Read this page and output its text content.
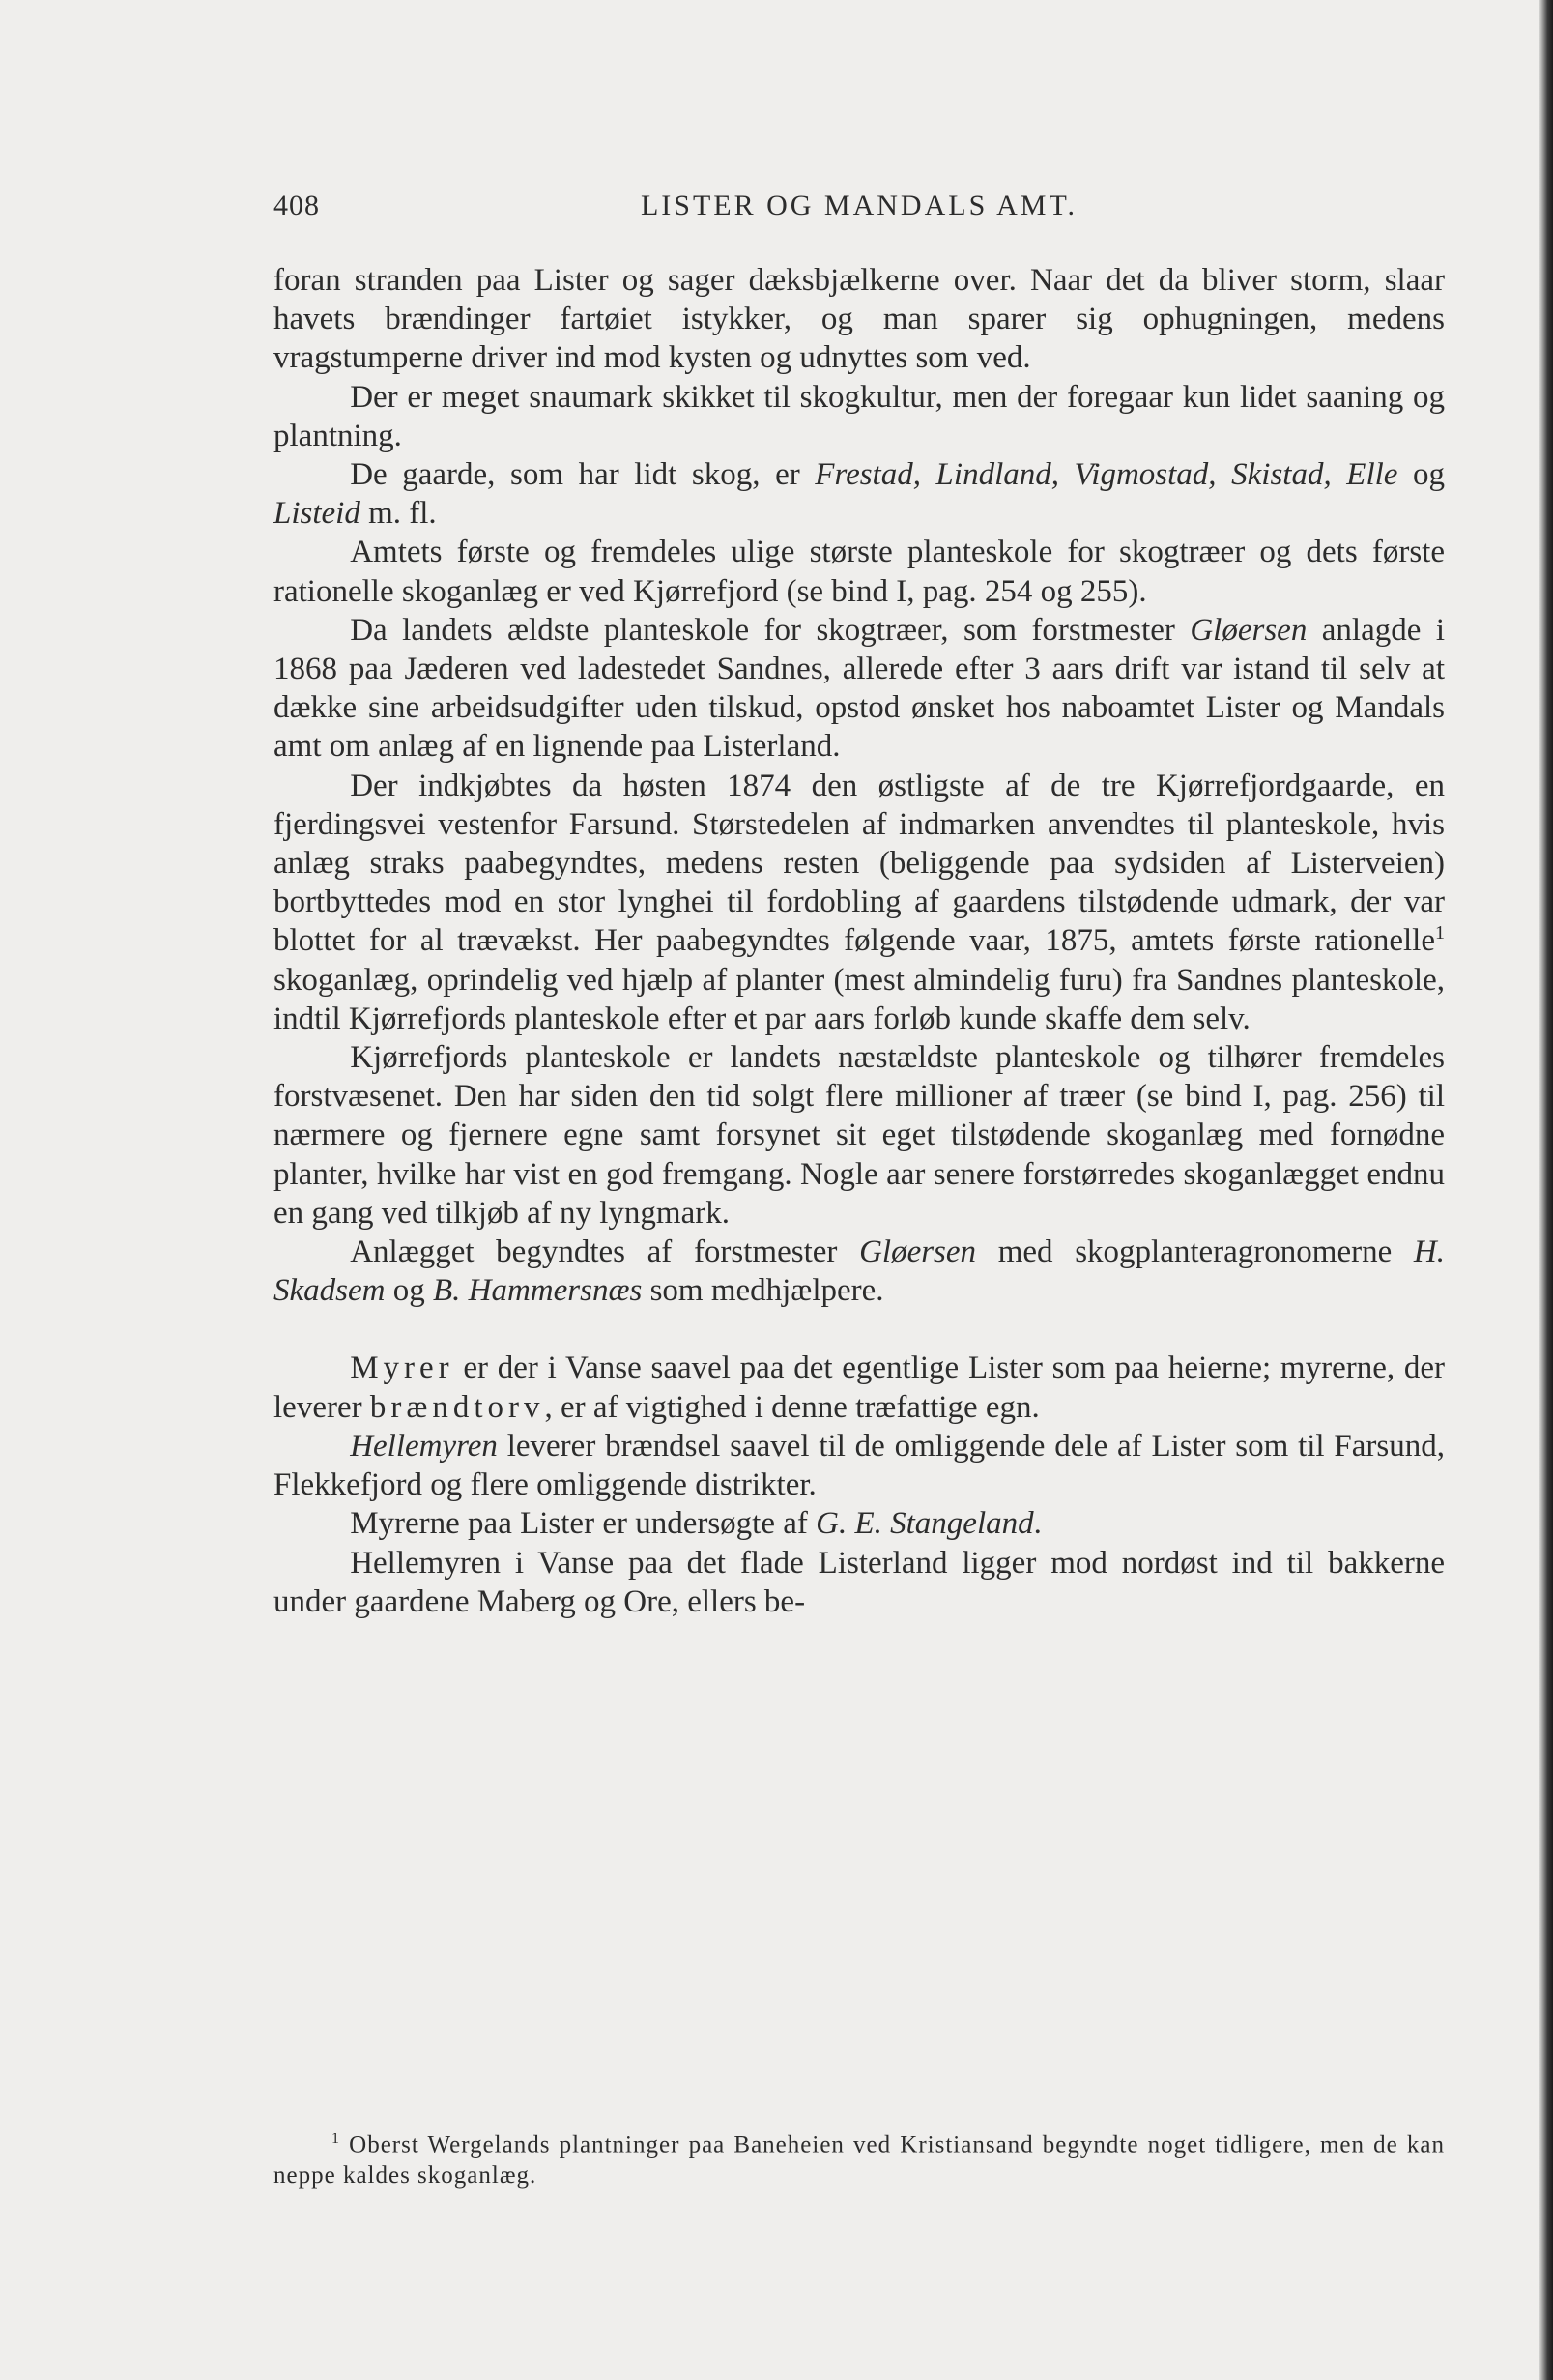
408	LISTER OG MANDALS AMT.

foran stranden paa Lister og sager dæksbjælkerne over. Naar det da bliver storm, slaar havets brændinger fartøiet istykker, og man sparer sig ophugningen, medens vragstumperne driver ind mod kysten og udnyttes som ved.

Der er meget snaumark skikket til skogkultur, men der foregaar kun lidet saaning og plantning.

De gaarde, som har lidt skog, er Frestad, Lindland, Vigmostad, Skistad, Elle og Listeid m. fl.

Amtets første og fremdeles ulige største planteskole for skogtræer og dets første rationelle skoganlæg er ved Kjørrefjord (se bind I, pag. 254 og 255).

Da landets ældste planteskole for skogtræer, som forstmester Gløersen anlagde i 1868 paa Jæderen ved ladestedet Sandnes, allerede efter 3 aars drift var istand til selv at dække sine arbeidsudgifter uden tilskud, opstod ønsket hos naboamtet Lister og Mandals amt om anlæg af en lignende paa Listerland.

Der indkjøbtes da høsten 1874 den østligste af de tre Kjørrefjordgaarde, en fjerdingsvei vestenfor Farsund. Størstedelen af indmarken anvendtes til planteskole, hvis anlæg straks paabegyndtes, medens resten (beliggende paa sydsiden af Listerveien) bortbyttedes mod en stor lynghei til fordobling af gaardens tilstødende udmark, der var blottet for al trævækst. Her paabegyndtes følgende vaar, 1875, amtets første rationelle$^1$ skoganlæg, oprindelig ved hjælp af planter (mest almindelig furu) fra Sandnes planteskole, indtil Kjørrefjords planteskole efter et par aars forløb kunde skaffe dem selv.

Kjørrefjords planteskole er landets næstældste planteskole og tilhører fremdeles forstvæsenet. Den har siden den tid solgt flere millioner af træer (se bind I, pag. 256) til nærmere og fjernere egne samt forsynet sit eget tilstødende skoganlæg med fornødne planter, hvilke har vist en god fremgang. Nogle aar senere forstørredes skoganlægget endnu en gang ved tilkjøb af ny lyngmark.

Anlægget begyndtes af forstmester Gløersen med skogplanteragronomerne H. Skadsem og B. Hammersnæs som medhjælpere.

Myrer er der i Vanse saavel paa det egentlige Lister som paa heierne; myrerne, der leverer brændtorv, er af vigtighed i denne træfattige egn.

Hellemyren leverer brændsel saavel til de omliggende dele af Lister som til Farsund, Flekkefjord og flere omliggende distrikter.

Myrerne paa Lister er undersøgte af G. E. Stangeland.

Hellemyren i Vanse paa det flade Listerland ligger mod nordøst ind til bakkerne under gaardene Maberg og Ore, ellers be-

$^1$ Oberst Wergelands plantninger paa Baneheien ved Kristiansand begyndte noget tidligere, men de kan neppe kaldes skoganlæg.
